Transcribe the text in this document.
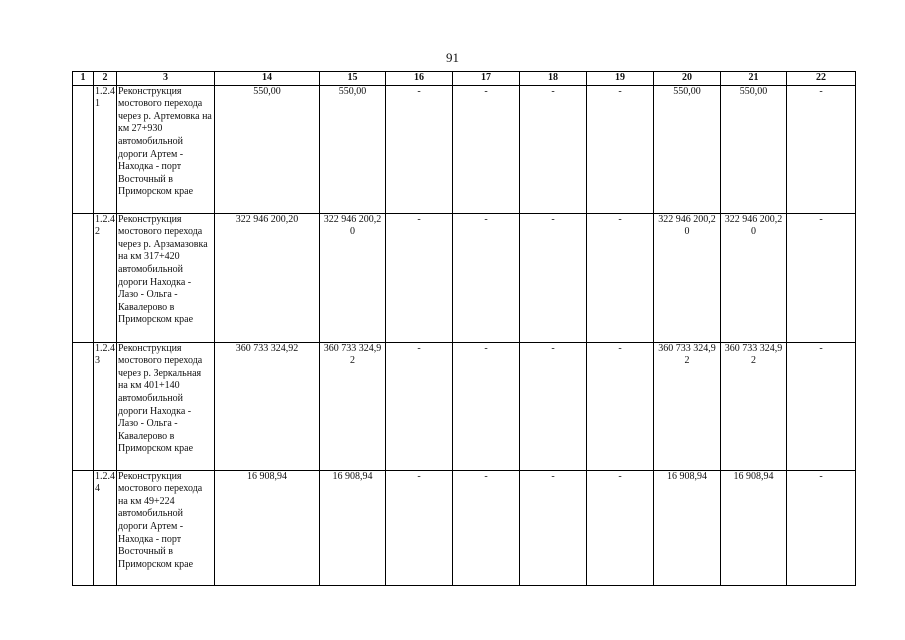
91
1	2	3	14	15	16	17	18	19	20	21	22
	1.2.4 1	Реконструкция мостового перехода через р. Артемовка на км 27+930 автомобильной дороги Артем - Находка - порт Восточный в Приморском крае	550,00	550,00	-	-	-	-	550,00	550,00	-
	1.2.4 2	Реконструкция мостового перехода через р. Арзамазовка на км 317+420 автомобильной дороги Находка - Лазо - Ольга - Кавалерово в Приморском крае	322 946 200,20	322 946 200,2 0	-	-	-	-	322 946 200,2 0	322 946 200,2 0	-
	1.2.4 3	Реконструкция мостового перехода через р. Зеркальная на км 401+140 автомобильной дороги Находка - Лазо - Ольга - Кавалерово в Приморском крае	360 733 324,92	360 733 324,9 2	-	-	-	-	360 733 324,9 2	360 733 324,9 2	-
	1.2.4 4	Реконструкция мостового перехода на км 49+224 автомобильной дороги Артем - Находка - порт Восточный в Приморском крае	16 908,94	16 908,94	-	-	-	-	16 908,94	16 908,94	-
